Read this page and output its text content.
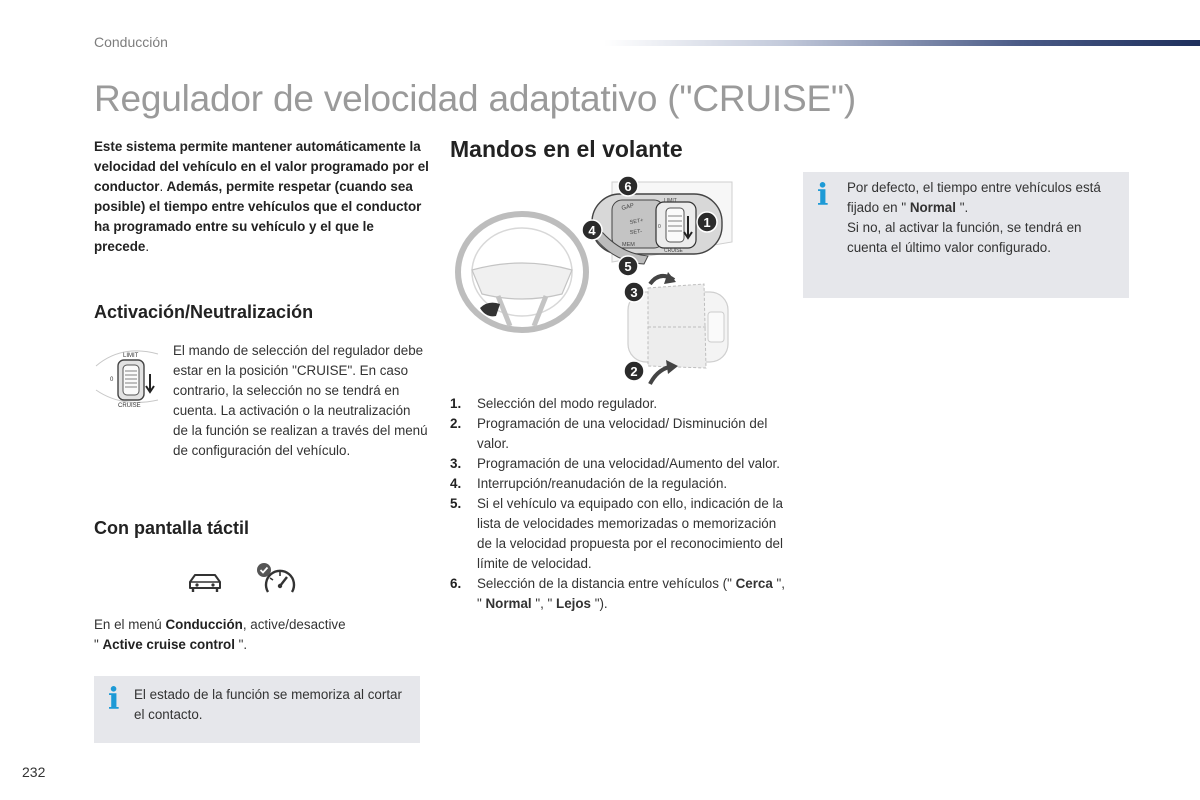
Conducción
Regulador de velocidad adaptativo ("CRUISE")
Este sistema permite mantener automáticamente la velocidad del vehículo en el valor programado por el conductor. Además, permite respetar (cuando sea posible) el tiempo entre vehículos que el conductor ha programado entre su vehículo y el que le precede.
Activación/Neutralización
LIMIT
0
CRUISE
El mando de selección del regulador debe estar en la posición "CRUISE". En caso contrario, la selección no se tendrá en cuenta. La activación o la neutralización de la función se realizan a través del menú de configuración del vehículo.
Con pantalla táctil
En el menú Conducción, active/desactive
" Active cruise control ".
i El estado de la función se memoriza al cortar el contacto.
Mandos en el volante
GAP
SET+
SET-
MEM
LIMIT
0
CRUISE
1
2
3
4
5
6
1. Selección del modo regulador.
2. Programación de una velocidad/ Disminución del valor.
3. Programación de una velocidad/Aumento del valor.
4. Interrupción/reanudación de la regulación.
5. Si el vehículo va equipado con ello, indicación de la lista de velocidades memorizadas o memorización de la velocidad propuesta por el reconocimiento del límite de velocidad.
6. Selección de la distancia entre vehículos (" Cerca ", " Normal ", " Lejos ").
i Por defecto, el tiempo entre vehículos está fijado en " Normal ".
Si no, al activar la función, se tendrá en cuenta el último valor configurado.
232
